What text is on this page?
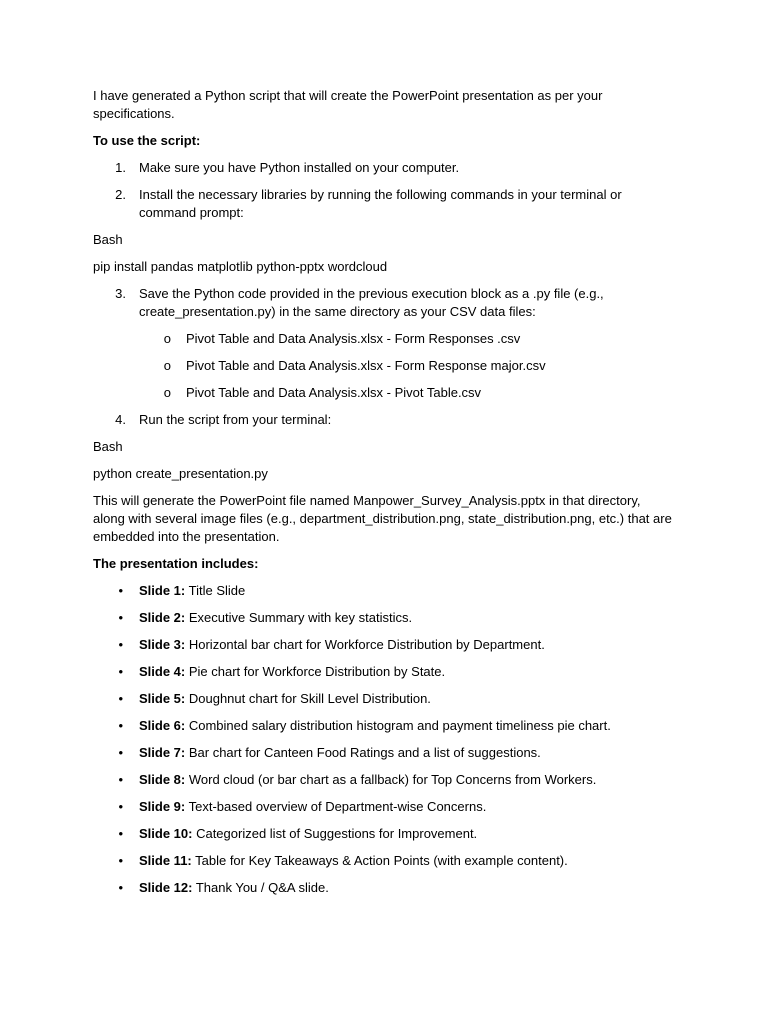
I have generated a Python script that will create the PowerPoint presentation as per your specifications.

To use the script:

1.	Make sure you have Python installed on your computer.
2.	Install the necessary libraries by running the following commands in your terminal or command prompt:

Bash

pip install pandas matplotlib python-pptx wordcloud

3.	Save the Python code provided in the previous execution block as a .py file (e.g., create_presentation.py) in the same directory as your CSV data files:
o	Pivot Table and Data Analysis.xlsx - Form Responses .csv
o	Pivot Table and Data Analysis.xlsx - Form Response major.csv
o	Pivot Table and Data Analysis.xlsx - Pivot Table.csv
4.	Run the script from your terminal:

Bash

python create_presentation.py

This will generate the PowerPoint file named Manpower_Survey_Analysis.pptx in that directory, along with several image files (e.g., department_distribution.png, state_distribution.png, etc.) that are embedded into the presentation.

The presentation includes:

•	Slide 1: Title Slide
•	Slide 2: Executive Summary with key statistics.
•	Slide 3: Horizontal bar chart for Workforce Distribution by Department.
•	Slide 4: Pie chart for Workforce Distribution by State.
•	Slide 5: Doughnut chart for Skill Level Distribution.
•	Slide 6: Combined salary distribution histogram and payment timeliness pie chart.
•	Slide 7: Bar chart for Canteen Food Ratings and a list of suggestions.
•	Slide 8: Word cloud (or bar chart as a fallback) for Top Concerns from Workers.
•	Slide 9: Text-based overview of Department-wise Concerns.
•	Slide 10: Categorized list of Suggestions for Improvement.
•	Slide 11: Table for Key Takeaways & Action Points (with example content).
•	Slide 12: Thank You / Q&A slide.
